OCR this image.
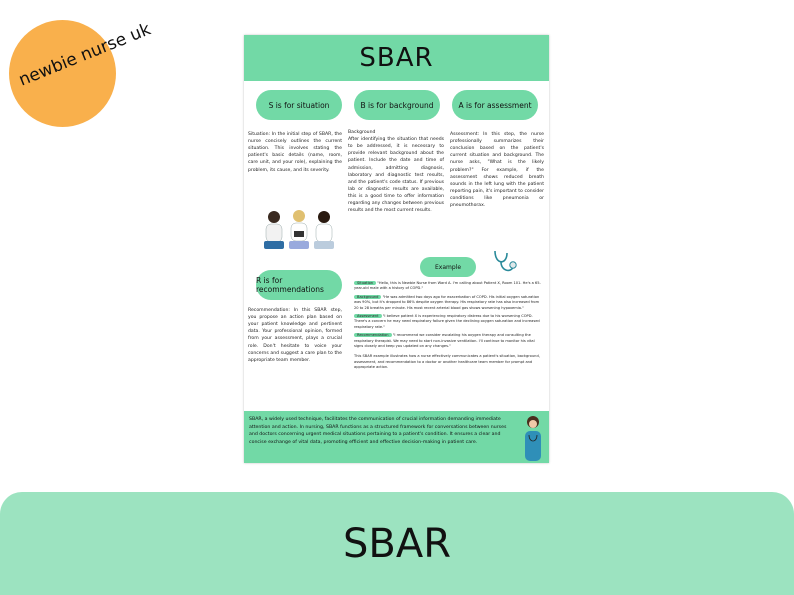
newbie nurse uk	SBAR
S is for situation	B is for background	A is for assessment
Situation: In the initial step of SBAR, the nurse concisely outlines the current situation. This involves stating the patient's basic details (name, room, care unit, and your role), explaining the problem, its cause, and its severity.
Background
After identifying the situation that needs to be addressed, it is necessary to provide relevant background about the patient. Include the date and time of admission, admitting diagnosis, laboratory and diagnostic test results, and the patient's code status. If previous lab or diagnostic results are available, this is a good time to offer information regarding any changes between previous results and the most current results.
Assessment: In this step, the nurse professionally summarizes their conclusion based on the patient's current situation and background. The nurse asks, "What is the likely problem?" For example, if the assessment shows reduced breath sounds in the left lung with the patient reporting pain, it's important to consider conditions like pneumonia or pneumothorax.
R is for recommendations
Recommendation: In this SBAR step, you propose an action plan based on your patient knowledge and pertinent data. Your professional opinion, formed from your assessment, plays a crucial role. Don't hesitate to voice your concerns and suggest a care plan to the appropriate team member.
Example
Situation "Hello, this is Newbie Nurse from Ward A. I'm calling about Patient X, Room 101. He's a 65-year-old male with a history of COPD."
Background "He was admitted two days ago for exacerbation of COPD. His initial oxygen saturation was 90%, but it's dropped to 86% despite oxygen therapy. His respiratory rate has also increased from 20 to 28 breaths per minute. His most recent arterial blood gas shows worsening hypoxemia."
Assessment "I believe patient X is experiencing respiratory distress due to his worsening COPD. There's a concern he may need respiratory failure given the declining oxygen saturation and increased respiratory rate."
Recommendation "I recommend we consider escalating his oxygen therapy and consulting the respiratory therapist. We may need to start non-invasive ventilation. I'll continue to monitor his vital signs closely and keep you updated on any changes."
This SBAR example illustrates how a nurse effectively communicates a patient's situation, background, assessment, and recommendation to a doctor or another healthcare team member for prompt and appropriate action.
SBAR, a widely used technique, facilitates the communication of crucial information demanding immediate attention and action. In nursing, SBAR functions as a structured framework for conversations between nurses and doctors concerning urgent medical situations pertaining to a patient's condition. It ensures a clear and concise exchange of vital data, promoting efficient and effective decision-making in patient care.
SBAR
